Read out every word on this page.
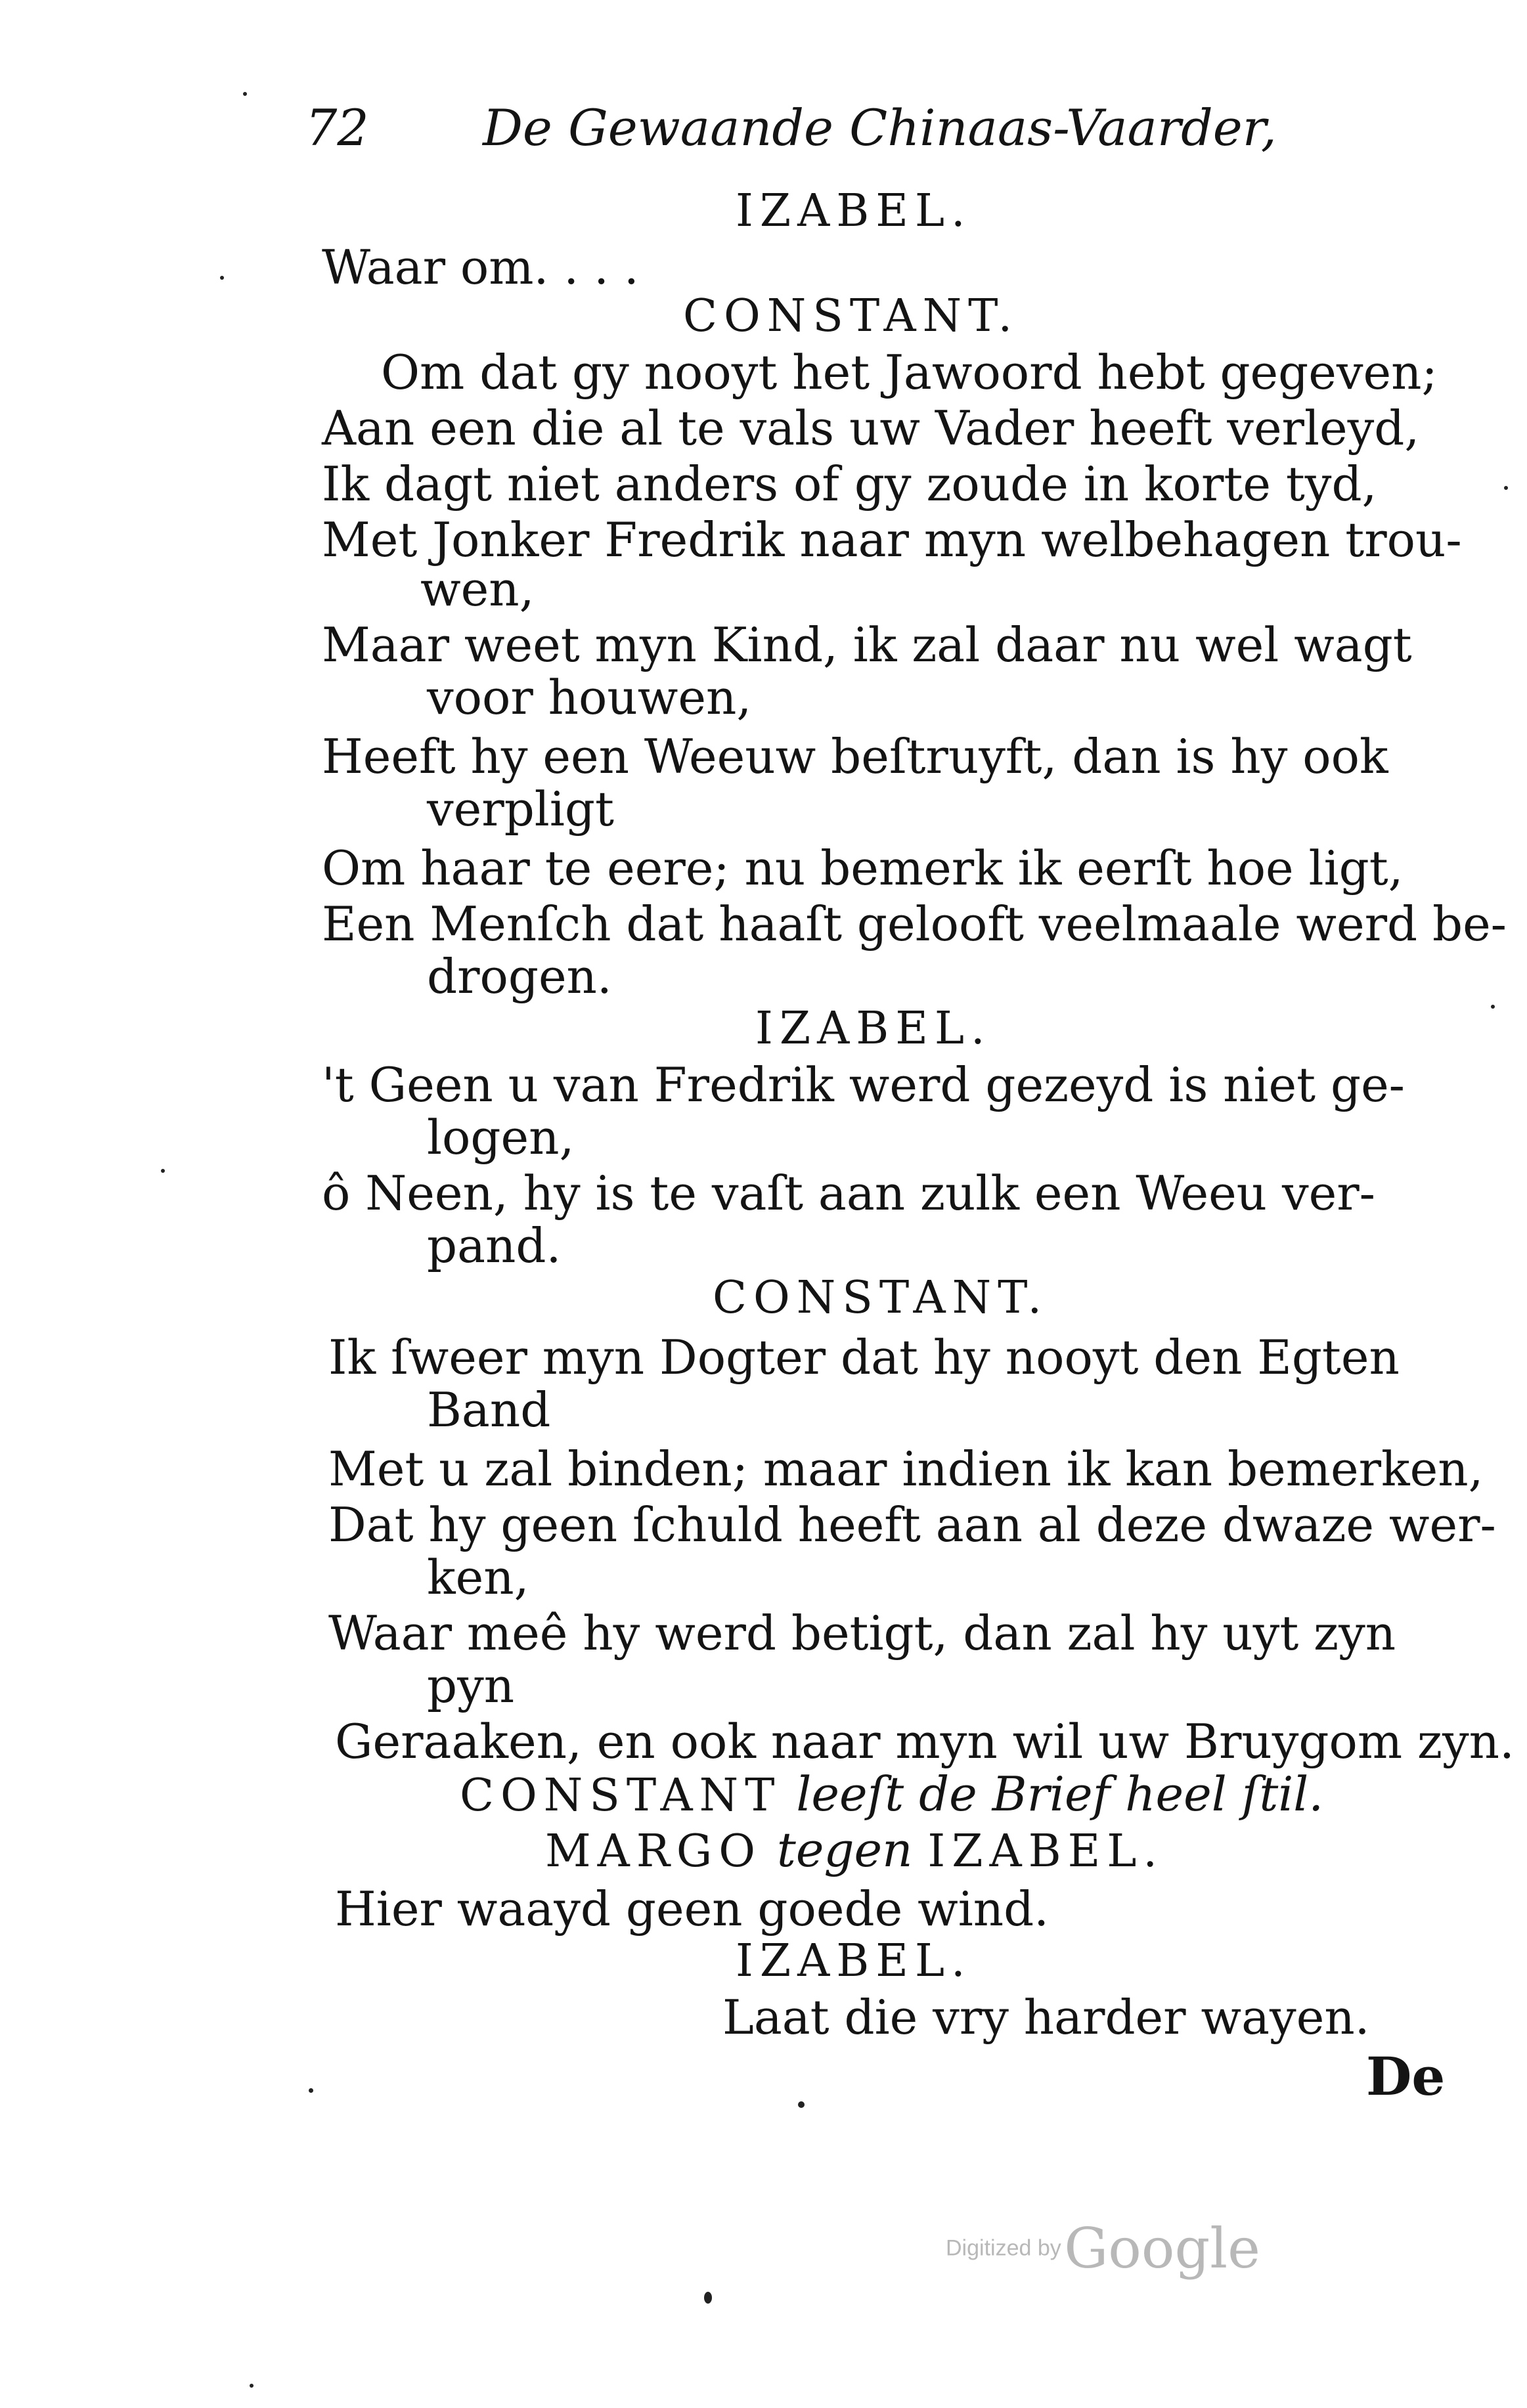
72 De Gewaande Chinaas-Vaarder,
IZABEL.
Waar om. . . .
CONSTANT.
Om dat gy nooyt het Jawoord hebt gegeven;
Aan een die al te vals uw Vader heeft verleyd,
Ik dagt niet anders of gy zoude in korte tyd,
Met Jonker Fredrik naar myn welbehagen trou-
wen,
Maar weet myn Kind, ik zal daar nu wel wagt
voor houwen,
Heeft hy een Weeuw beſtruyft, dan is hy ook
verpligt
Om haar te eere; nu bemerk ik eerſt hoe ligt,
Een Menſch dat haaſt gelooft veelmaale werd be-
drogen.
IZABEL.
't Geen u van Fredrik werd gezeyd is niet ge-
logen,
ô Neen, hy is te vaſt aan zulk een Weeu ver-
pand.
CONSTANT.
Ik ſweer myn Dogter dat hy nooyt den Egten
Band
Met u zal binden; maar indien ik kan bemerken,
Dat hy geen ſchuld heeft aan al deze dwaze wer-
ken,
Waar meê hy werd betigt, dan zal hy uyt zyn
pyn
Geraaken, en ook naar myn wil uw Bruygom zyn.
CONSTANT leeſt de Brief heel ſtil.
MARGO tegen IZABEL.
Hier waayd geen goede wind.
IZABEL.
Laat die vry harder wayen.
De
Digitized by Google
